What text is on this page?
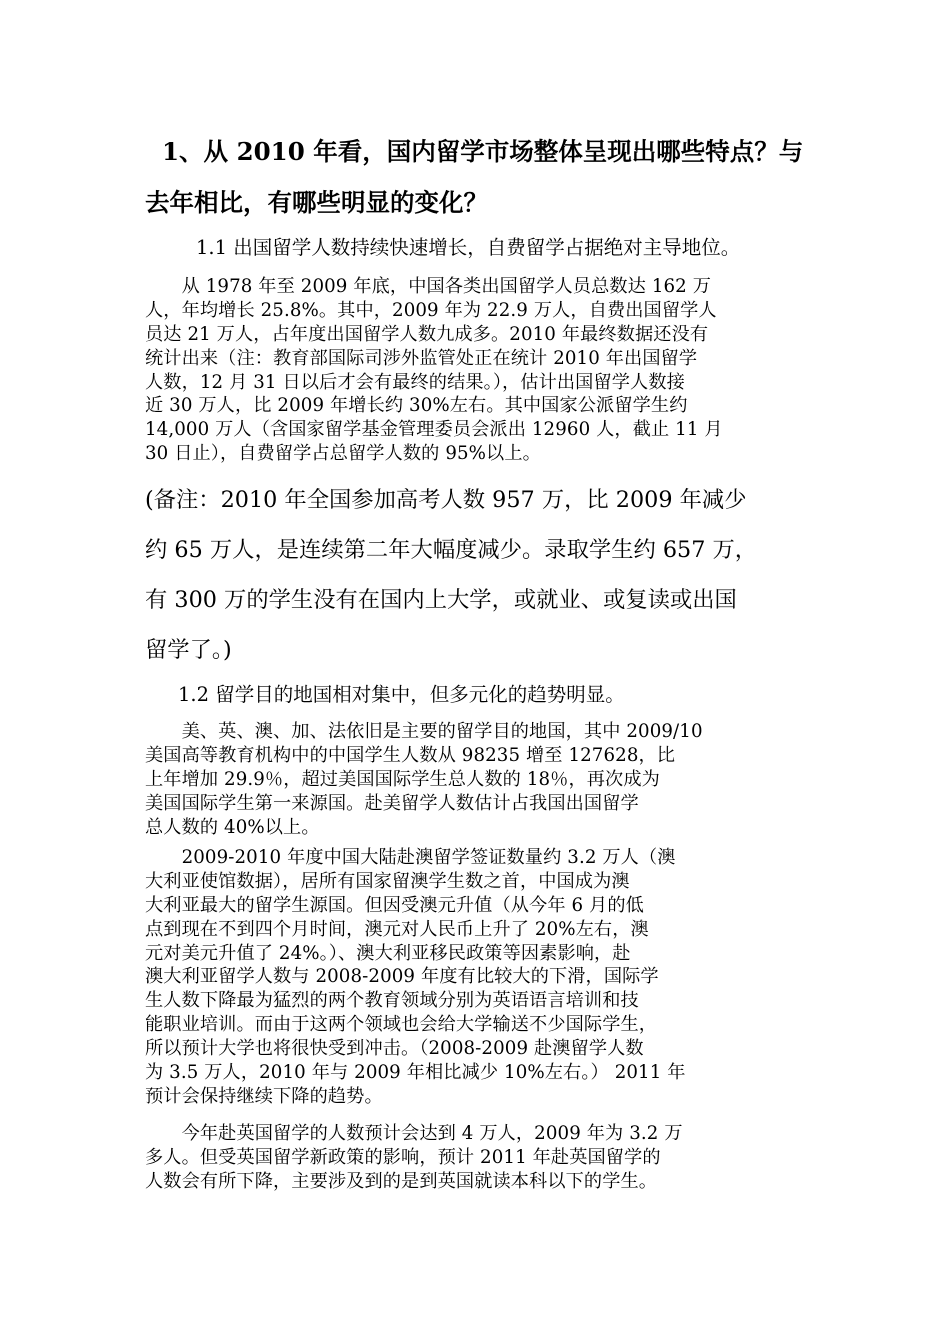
1、从 2010 年看，国内留学市场整体呈现出哪些特点？与
去年相比，有哪些明显的变化？
1.1 出国留学人数持续快速增长，自费留学占据绝对主导地位。
　　从 1978 年至 2009 年底，中国各类出国留学人员总数达 162 万
人，年均增长 25.8%。其中，2009 年为 22.9 万人，自费出国留学人
员达 21 万人，占年度出国留学人数九成多。2010 年最终数据还没有
统计出来（注：教育部国际司涉外监管处正在统计 2010 年出国留学
人数，12 月 31 日以后才会有最终的结果。），估计出国留学人数接
近 30 万人，比 2009 年增长约 30%左右。其中国家公派留学生约
14,000 万人（含国家留学基金管理委员会派出 12960 人，截止 11 月
30 日止），自费留学占总留学人数的 95%以上。
(备注：2010 年全国参加高考人数 957 万，比 2009 年减少
约 65 万人，是连续第二年大幅度减少。录取学生约 657 万，
有 300 万的学生没有在国内上大学，或就业、或复读或出国
留学了。)
1.2 留学目的地国相对集中，但多元化的趋势明显。
　　美、英、澳、加、法依旧是主要的留学目的地国，其中 2009/10
美国高等教育机构中的中国学生人数从 98235 增至 127628，比
上年增加 29.9％，超过美国国际学生总人数的 18％，再次成为
美国国际学生第一来源国。赴美留学人数估计占我国出国留学
总人数的 40%以上。
　　2009-2010 年度中国大陆赴澳留学签证数量约 3.2 万人（澳
大利亚使馆数据），居所有国家留澳学生数之首，中国成为澳
大利亚最大的留学生源国。但因受澳元升值（从今年 6 月的低
点到现在不到四个月时间，澳元对人民币上升了 20%左右，澳
元对美元升值了 24%。）、澳大利亚移民政策等因素影响，赴
澳大利亚留学人数与 2008-2009 年度有比较大的下滑，国际学
生人数下降最为猛烈的两个教育领域分别为英语语言培训和技
能职业培训。而由于这两个领域也会给大学输送不少国际学生，
所以预计大学也将很快受到冲击。（2008-2009 赴澳留学人数
为 3.5 万人，2010 年与 2009 年相比减少 10%左右。） 2011 年
预计会保持继续下降的趋势。
　　今年赴英国留学的人数预计会达到 4 万人，2009 年为 3.2 万
多人。但受英国留学新政策的影响，预计 2011 年赴英国留学的
人数会有所下降，主要涉及到的是到英国就读本科以下的学生。
